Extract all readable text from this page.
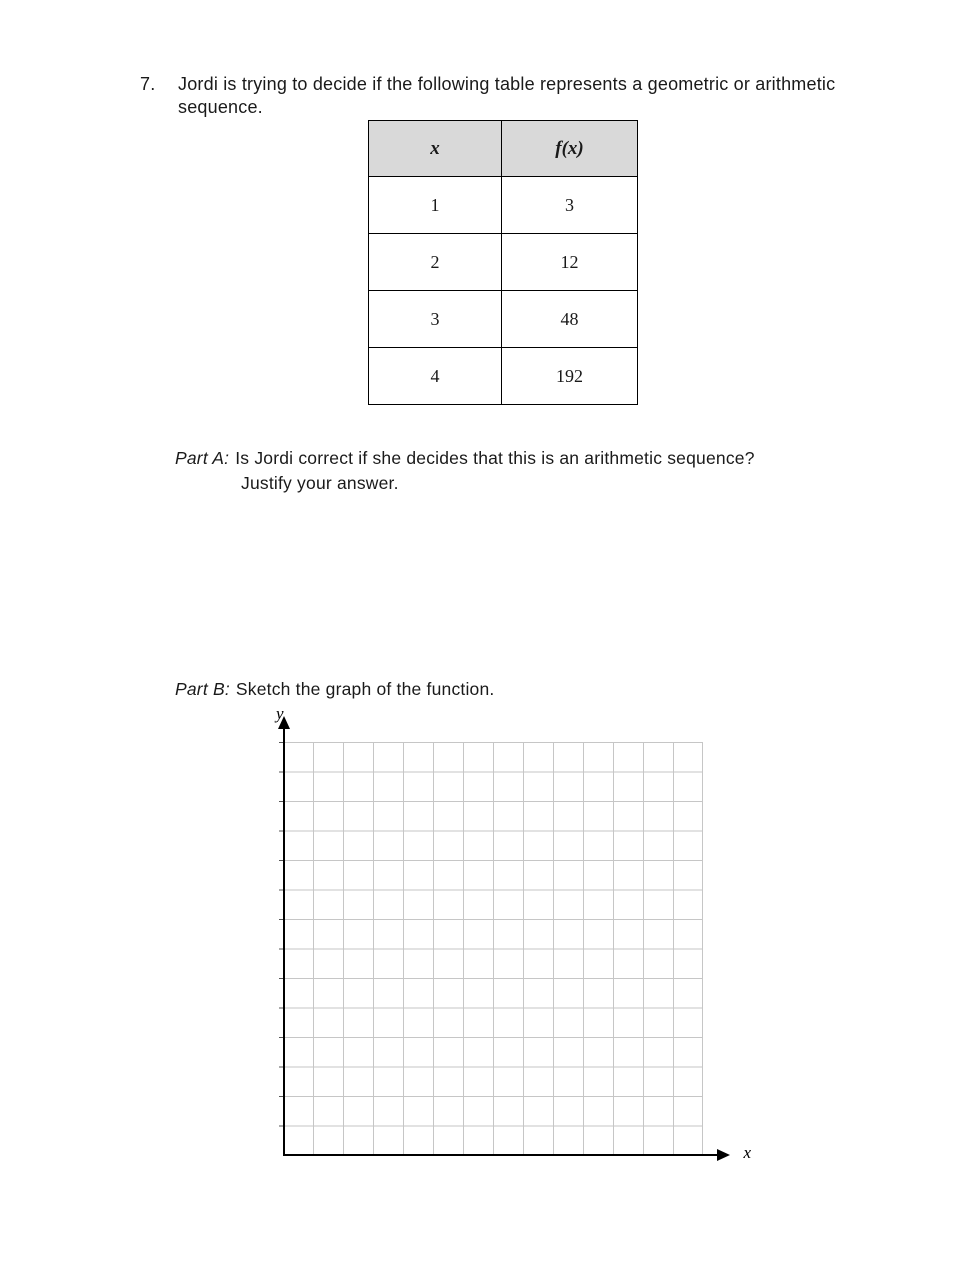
7.	Jordi is trying to decide if the following table represents a geometric or arithmetic sequence.
x	f(x)
1	3
2	12
3	48
4	192

Part A: Is Jordi correct if she decides that this is an arithmetic sequence? Justify your answer.

Part B: Sketch the graph of the function.

y
x
